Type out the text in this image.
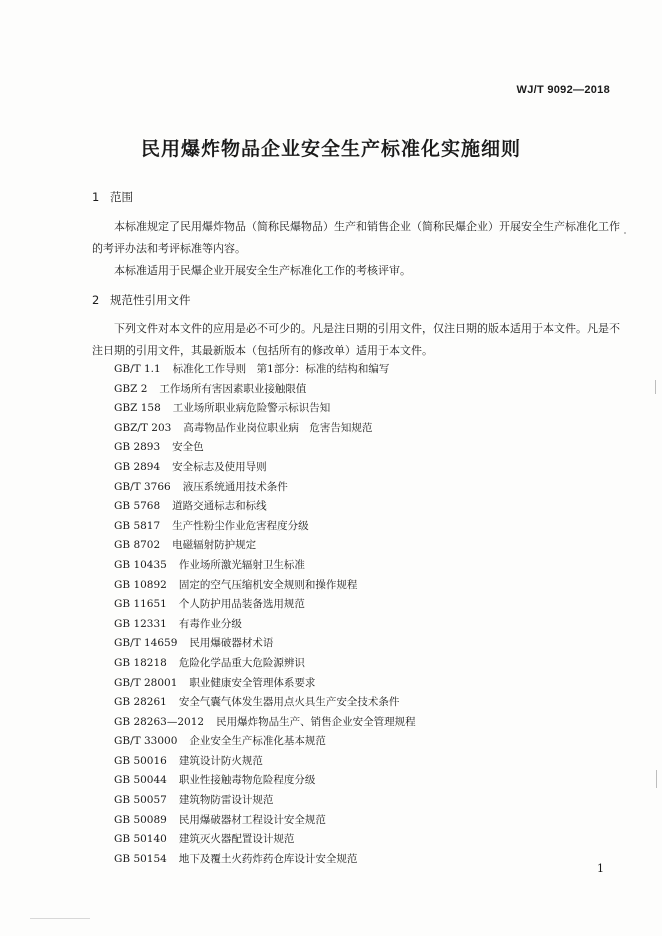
WJ/T 9092—2018
民用爆炸物品企业安全生产标准化实施细则
1 范围
本标准规定了民用爆炸物品（简称民爆物品）生产和销售企业（简称民爆企业）开展安全生产标准化工作的考评办法和考评标准等内容。
本标准适用于民爆企业开展安全生产标准化工作的考核评审。
2 规范性引用文件
下列文件对本文件的应用是必不可少的。凡是注日期的引用文件，仅注日期的版本适用于本文件。凡是不注日期的引用文件，其最新版本（包括所有的修改单）适用于本文件。
GB/T 1.1 标准化工作导则　第1部分：标准的结构和编写
GBZ 2 工作场所有害因素职业接触限值
GBZ 158 工业场所职业病危险警示标识告知
GBZ/T 203 高毒物品作业岗位职业病　危害告知规范
GB 2893 安全色
GB 2894 安全标志及使用导则
GB/T 3766 液压系统通用技术条件
GB 5768 道路交通标志和标线
GB 5817 生产性粉尘作业危害程度分级
GB 8702 电磁辐射防护规定
GB 10435 作业场所激光辐射卫生标准
GB 10892 固定的空气压缩机安全规则和操作规程
GB 11651 个人防护用品装备选用规范
GB 12331 有毒作业分级
GB/T 14659 民用爆破器材术语
GB 18218 危险化学品重大危险源辨识
GB/T 28001 职业健康安全管理体系要求
GB 28261 安全气囊气体发生器用点火具生产安全技术条件
GB 28263—2012 民用爆炸物品生产、销售企业安全管理规程
GB/T 33000 企业安全生产标准化基本规范
GB 50016 建筑设计防火规范
GB 50044 职业性接触毒物危险程度分级
GB 50057 建筑物防雷设计规范
GB 50089 民用爆破器材工程设计安全规范
GB 50140 建筑灭火器配置设计规范
GB 50154 地下及覆土火药炸药仓库设计安全规范
1
